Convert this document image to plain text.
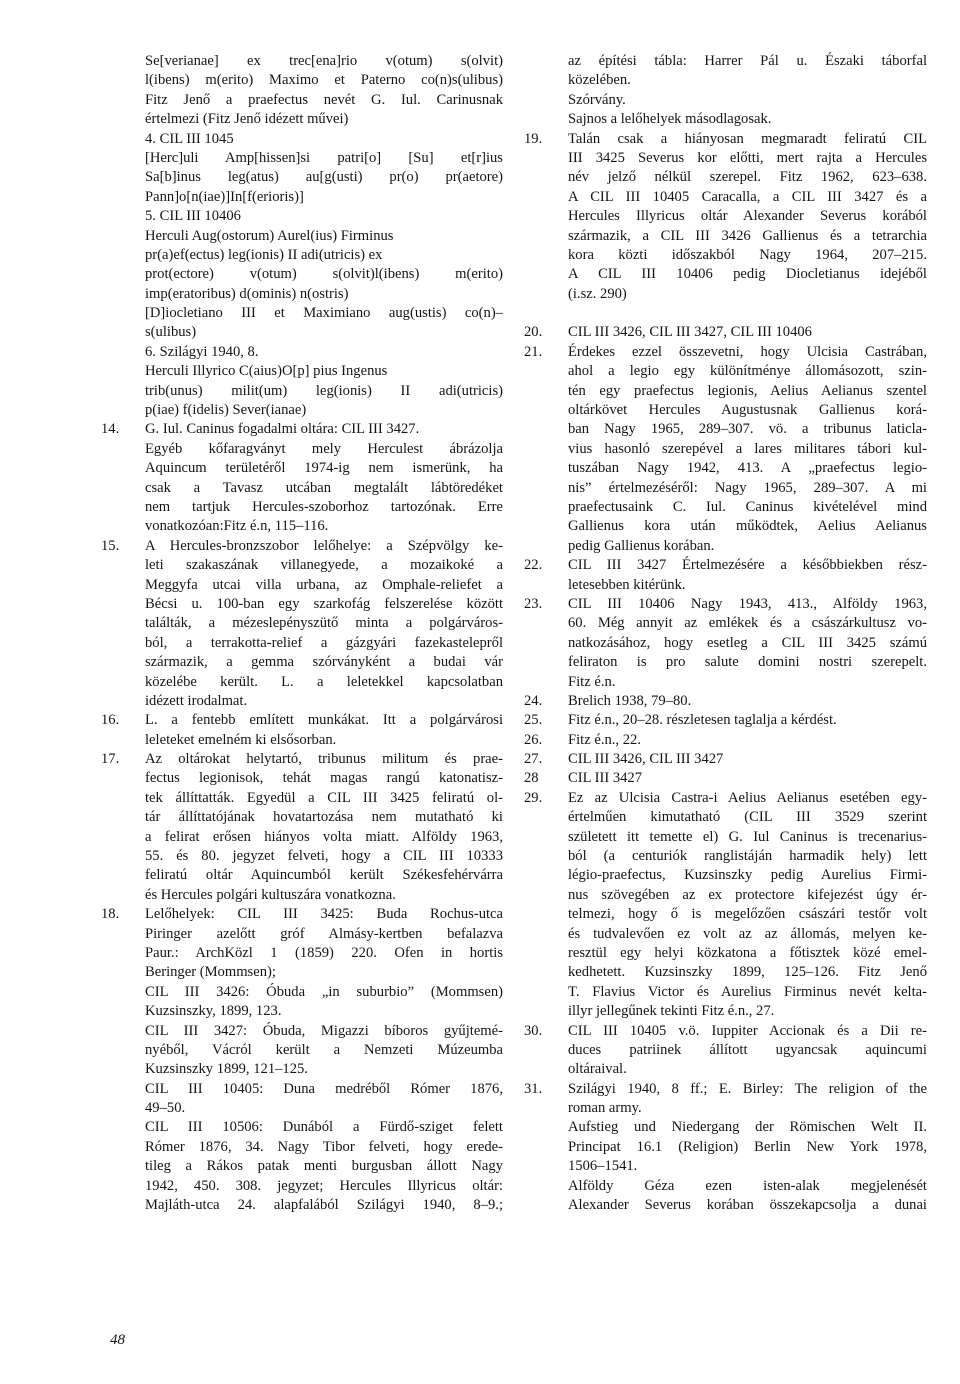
Se[verianae] ex trec[ena]rio v(otum) s(olvit)
l(ibens) m(erito) Maximo et Paterno co(n)s(ulibus)
Fitz Jenő a praefectus nevét G. Iul. Carinusnak
értelmezi (Fitz Jenő idézett művei)
4. CIL III 1045
[Herc]uli Amp[hissen]si patri[o] [Su] et[r]ius
Sa[b]inus leg(atus) au[g(usti) pr(o) pr(aetore)
Pann]o[n(iae)]In[f(erioris)]
5. CIL III 10406
Herculi Aug(ostorum) Aurel(ius) Firminus
pr(a)ef(ectus) leg(ionis) II adi(utricis) ex
prot(ectore) v(otum) s(olvit)l(ibens) m(erito)
imp(eratoribus) d(ominis) n(ostris)
[D]iocletiano III et Maximiano aug(ustis) co(n)–
s(ulibus)
6. Szilágyi 1940, 8.
Herculi Illyrico C(aius)O[p] pius Ingenus
trib(unus) milit(um) leg(ionis) II adi(utricis)
p(iae) f(idelis) Sever(ianae)
14. G. Iul. Caninus fogadalmi oltára: CIL III 3427.
Egyéb kőfaragványt mely Herculest ábrázolja
Aquincum területéről 1974-ig nem ismerünk, ha
csak a Tavasz utcában megtalált lábtöredéket
nem tartjuk Hercules-szoborhoz tartozónak. Erre
vonatkozóan:Fitz é.n, 115–116.
15. A Hercules-bronzszobor lelőhelye: a Szépvölgy ke-
leti szakaszának villanegyede, a mozaikoké a
Meggyfa utcai villa urbana, az Omphale-reliefet a
Bécsi u. 100-ban egy szarkofág felszerelése között
találták, a mézeslepényszütő minta a polgárváros-
ból, a terrakotta-relief a gázgyári fazekastelepről
származik, a gemma szórványként a budai vár
közelébe került. L. a leletekkel kapcsolatban
idézett irodalmat.
16. L. a fentebb említett munkákat. Itt a polgárvárosi
leleteket emelném ki elsősorban.
17. Az oltárokat helytartó, tribunus militum és prae-
fectus legionisok, tehát magas rangú katonatisz-
tek állíttatták. Egyedül a CIL III 3425 feliratú ol-
tár állíttatójának hovatartozása nem mutatható ki
a felirat erősen hiányos volta miatt. Alföldy 1963,
55. és 80. jegyzet felveti, hogy a CIL III 10333
feliratú oltár Aquincumból került Székesfehérvárra
és Hercules polgári kultuszára vonatkozna.
18. Lelőhelyek: CIL III 3425: Buda Rochus-utca
Piringer azelőtt gróf Almásy-kertben befalazva
Paur.: ArchKözl 1 (1859) 220. Ofen in hortis
Beringer (Mommsen);
CIL III 3426: Óbuda „in suburbio” (Mommsen)
Kuzsinszky, 1899, 123.
CIL III 3427: Óbuda, Migazzi bíboros gyűjtemé-
nyéből, Vácról került a Nemzeti Múzeumba
Kuzsinszky 1899, 121–125.
CIL III 10405: Duna medréből Rómer 1876,
49–50.
CIL III 10506: Dunából a Fürdő-sziget felett
Rómer 1876, 34. Nagy Tibor felveti, hogy erede-
tileg a Rákos patak menti burgusban állott Nagy
1942, 450. 308. jegyzet; Hercules Illyricus oltár:
Majláth-utca 24. alapfalából Szilágyi 1940, 8–9.;
az építési tábla: Harrer Pál u. Északi táborfal
közelében.
Szórvány.
Sajnos a lelőhelyek másodlagosak.
19. Talán csak a hiányosan megmaradt feliratú CIL
III 3425 Severus kor előtti, mert rajta a Hercules
név jelző nélkül szerepel. Fitz 1962, 623–638.
A CIL III 10405 Caracalla, a CIL III 3427 és a
Hercules Illyricus oltár Alexander Severus korából
származik, a CIL III 3426 Gallienus és a tetrarchia
kora közti időszakból Nagy 1964, 207–215.
A CIL III 10406 pedig Diocletianus idejéből
(i.sz. 290)
20. CIL III 3426, CIL III 3427, CIL III 10406
21. Érdekes ezzel összevetni, hogy Ulcisia Castrában,
ahol a legio egy különítménye állomásozott, szin-
tén egy praefectus legionis, Aelius Aelianus szentel
oltárkövet Hercules Augustusnak Gallienus korá-
ban Nagy 1965, 289–307. vö. a tribunus laticla-
vius hasonló szerepével a lares militares tábori kul-
tuszában Nagy 1942, 413. A „praefectus legio-
nis” értelmezéséről: Nagy 1965, 289–307. A mi
praefectusaink C. Iul. Caninus kivételével mind
Gallienus kora után működtek, Aelius Aelianus
pedig Gallienus korában.
22. CIL III 3427 Értelmezésére a későbbiekben rész-
letesebben kitérünk.
23. CIL III 10406 Nagy 1943, 413., Alföldy 1963,
60. Még annyit az emlékek és a császárkultusz vo-
natkozásához, hogy esetleg a CIL III 3425 számú
feliraton is pro salute domini nostri szerepelt.
Fitz é.n.
24. Brelich 1938, 79–80.
25. Fitz é.n., 20–28. részletesen taglalja a kérdést.
26. Fitz é.n., 22.
27. CIL III 3426, CIL III 3427
28 CIL III 3427
29. Ez az Ulcisia Castra-i Aelius Aelianus esetében egy-
értelműen kimutatható (CIL III 3529 szerint
született itt temette el) G. Iul Caninus is trecenarius-
ból (a centuriók ranglistáján harmadik hely) lett
légio-praefectus, Kuzsinszky pedig Aurelius Firmi-
nus szövegében az ex protectore kifejezést úgy ér-
telmezi, hogy ő is megelőzően császári testőr volt
és tudvalevően ez volt az az állomás, melyen ke-
resztül egy helyi közkatona a főtisztek közé emel-
kedhetett. Kuzsinszky 1899, 125–126. Fitz Jenő
T. Flavius Victor és Aurelius Firminus nevét kelta-
illyr jellegűnek tekinti Fitz é.n., 27.
30. CIL III 10405 v.ö. Iuppiter Accionak és a Dii re-
duces patriinek állított ugyancsak aquincumi
oltáraival.
31. Szilágyi 1940, 8 ff.; E. Birley: The religion of the
roman army.
Aufstieg und Niedergang der Römischen Welt II.
Principat 16.1 (Religion) Berlin New York 1978,
1506–1541.
Alföldy Géza ezen isten-alak megjelenését
Alexander Severus korában összekapcsolja a dunai
48
